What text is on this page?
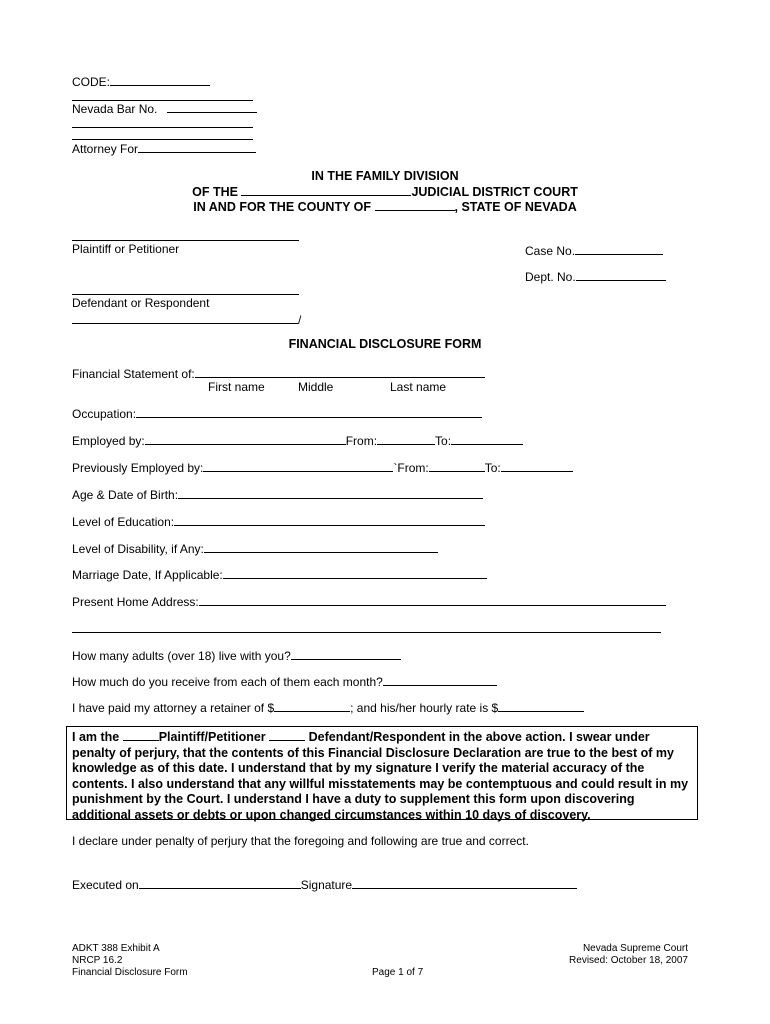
CODE:
Nevada Bar No.
Attorney For
IN THE FAMILY DIVISION
OF THE	JUDICIAL DISTRICT COURT
IN AND FOR THE COUNTY OF	, STATE OF NEVADA
Plaintiff or Petitioner	Case No.
Dept. No.
Defendant or Respondent
/
FINANCIAL DISCLOSURE FORM
Financial Statement of:
First name	Middle	Last name
Occupation:
Employed by:	From:	To:
Previously Employed by:	`From:	To:
Age & Date of Birth:
Level of Education:
Level of Disability, if Any:
Marriage Date, If Applicable:
Present Home Address:
How many adults (over 18) live with you?
How much do you receive from each of them each month?
I have paid my attorney a retainer of $	; and his/her hourly rate is $
I am the	Plaintiff/Petitioner	Defendant/Respondent in the above action. I swear under penalty of perjury, that the contents of this Financial Disclosure Declaration are true to the best of my knowledge as of this date. I understand that by my signature I verify the material accuracy of the contents. I also understand that any willful misstatements may be contemptuous and could result in my punishment by the Court. I understand I have a duty to supplement this form upon discovering additional assets or debts or upon changed circumstances within 10 days of discovery.
I declare under penalty of perjury that the foregoing and following are true and correct.
Executed on	Signature
ADKT 388 Exhibit A
NRCP 16.2
Financial Disclosure Form	Page 1 of 7
Nevada Supreme Court
Revised: October 18, 2007
